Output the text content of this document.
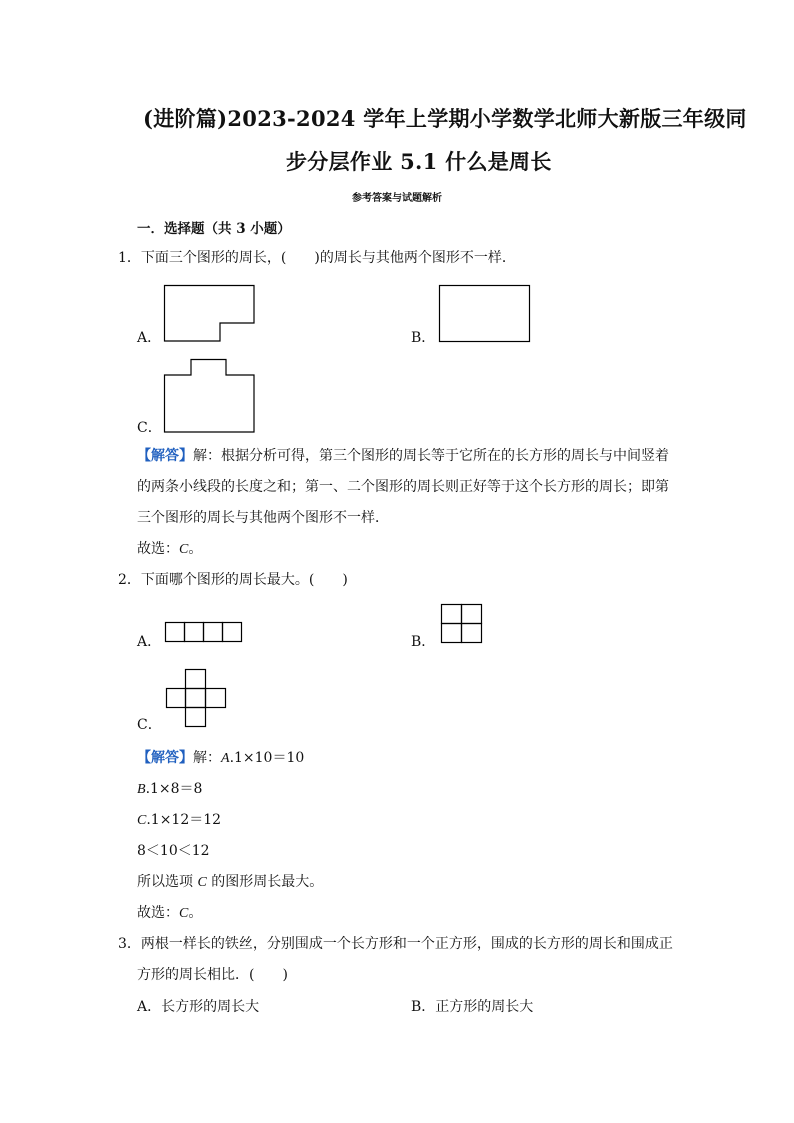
(进阶篇)2023-2024 学年上学期小学数学北师大新版三年级同
步分层作业 5.1 什么是周长
参考答案与试题解析
一．选择题（共 3 小题）
1．下面三个图形的周长，(　　)的周长与其他两个图形不一样．
A．	B．
C．
【解答】解：根据分析可得，第三个图形的周长等于它所在的长方形的周长与中间竖着
的两条小线段的长度之和；第一、二个图形的周长则正好等于这个长方形的周长；即第
三个图形的周长与其他两个图形不一样．
故选：C。
2．下面哪个图形的周长最大。(　　)
A．	B．
C．
【解答】解：A.1×10＝10
B.1×8＝8
C.1×12＝12
8＜10＜12
所以选项 C 的图形周长最大。
故选：C。
3．两根一样长的铁丝，分别围成一个长方形和一个正方形，围成的长方形的周长和围成正
方形的周长相比．(　　)
A．长方形的周长大	B．正方形的周长大
